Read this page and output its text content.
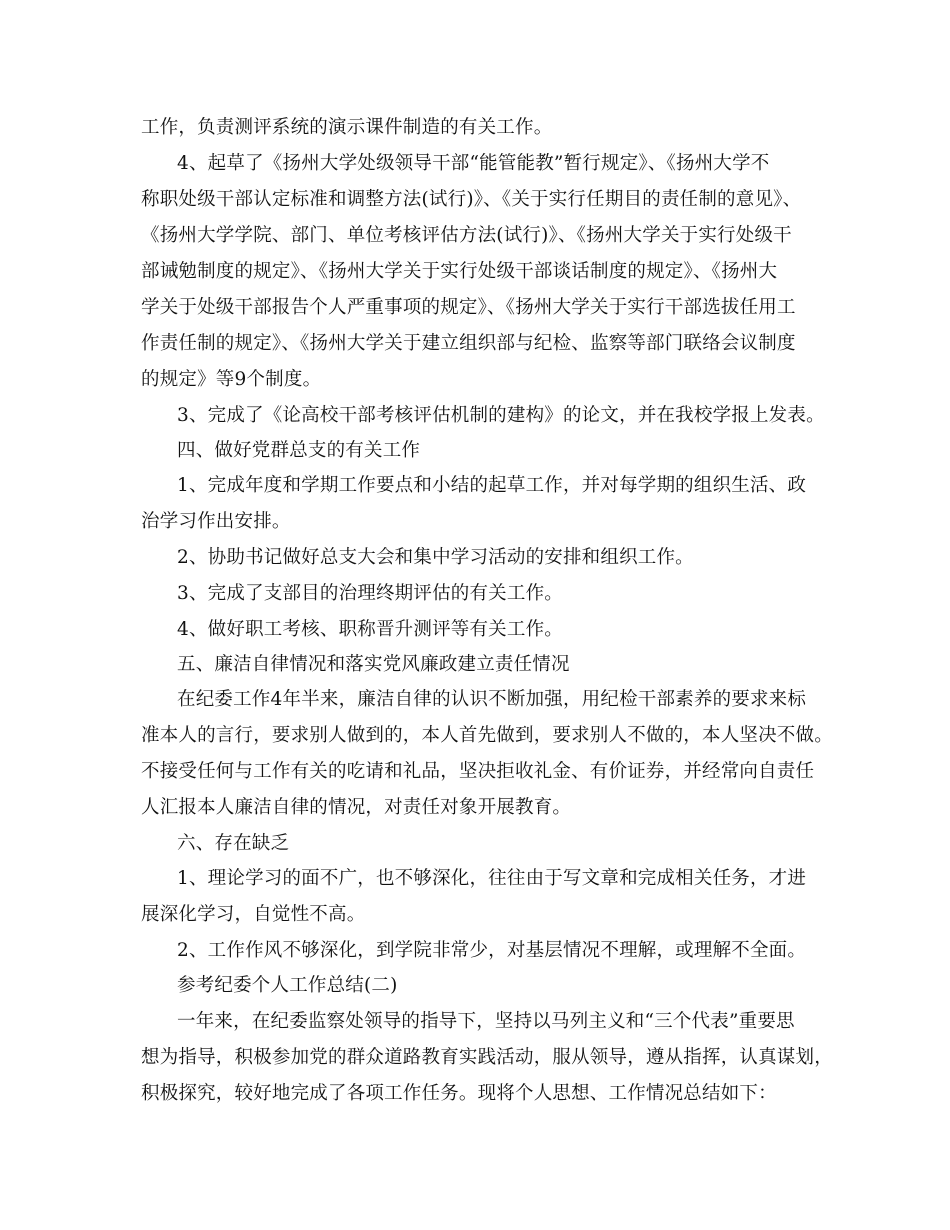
工作，负责测评系统的演示课件制造的有关工作。
4、起草了《扬州大学处级领导干部“能管能教”暂行规定》、《扬州大学不
称职处级干部认定标准和调整方法(试行)》、《关于实行任期目的责任制的意见》、
《扬州大学学院、部门、单位考核评估方法(试行)》、《扬州大学关于实行处级干
部诫勉制度的规定》、《扬州大学关于实行处级干部谈话制度的规定》、《扬州大
学关于处级干部报告个人严重事项的规定》、《扬州大学关于实行干部选拔任用工
作责任制的规定》、《扬州大学关于建立组织部与纪检、监察等部门联络会议制度
的规定》等9个制度。
3、完成了《论高校干部考核评估机制的建构》的论文，并在我校学报上发表。
四、做好党群总支的有关工作
1、完成年度和学期工作要点和小结的起草工作，并对每学期的组织生活、政
治学习作出安排。
2、协助书记做好总支大会和集中学习活动的安排和组织工作。
3、完成了支部目的治理终期评估的有关工作。
4、做好职工考核、职称晋升测评等有关工作。
五、廉洁自律情况和落实党风廉政建立责任情况
在纪委工作4年半来，廉洁自律的认识不断加强，用纪检干部素养的要求来标
准本人的言行，要求别人做到的，本人首先做到，要求别人不做的，本人坚决不做。
不接受任何与工作有关的吃请和礼品，坚决拒收礼金、有价证券，并经常向自责任
人汇报本人廉洁自律的情况，对责任对象开展教育。
六、存在缺乏
1、理论学习的面不广，也不够深化，往往由于写文章和完成相关任务，才进
展深化学习，自觉性不高。
2、工作作风不够深化，到学院非常少，对基层情况不理解，或理解不全面。
参考纪委个人工作总结(二)
一年来，在纪委监察处领导的指导下，坚持以马列主义和“三个代表”重要思
想为指导，积极参加党的群众道路教育实践活动，服从领导，遵从指挥，认真谋划，
积极探究，较好地完成了各项工作任务。现将个人思想、工作情况总结如下：
